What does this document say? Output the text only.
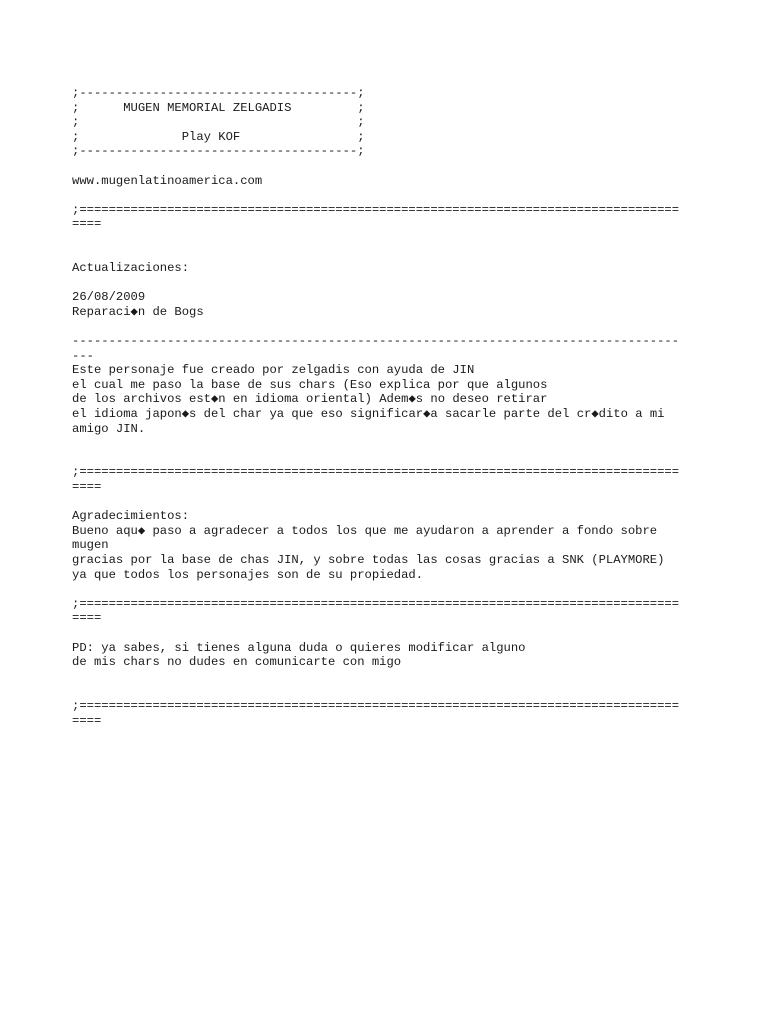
;--------------------------------------;
;      MUGEN MEMORIAL ZELGADIS         ;
;                                      ;
;              Play KOF                ;
;--------------------------------------;
www.mugenlatinoamerica.com
;==================================================================================
====
Actualizaciones:
26/08/2009
Reparaci◆n de Bogs
-----------------------------------------------------------------------------------
---
Este personaje fue creado por zelgadis con ayuda de JIN
el cual me paso la base de sus chars (Eso explica por que algunos
de los archivos est◆n en idioma oriental) Adem◆s no deseo retirar
el idioma japon◆s del char ya que eso significar◆a sacarle parte del cr◆dito a mi
amigo JIN.
;==================================================================================
====
Agradecimientos:
Bueno aqu◆ paso a agradecer a todos los que me ayudaron a aprender a fondo sobre
mugen
gracias por la base de chas JIN, y sobre todas las cosas gracias a SNK (PLAYMORE)
ya que todos los personajes son de su propiedad.
;==================================================================================
====
PD: ya sabes, si tienes alguna duda o quieres modificar alguno
de mis chars no dudes en comunicarte con migo
;==================================================================================
====
